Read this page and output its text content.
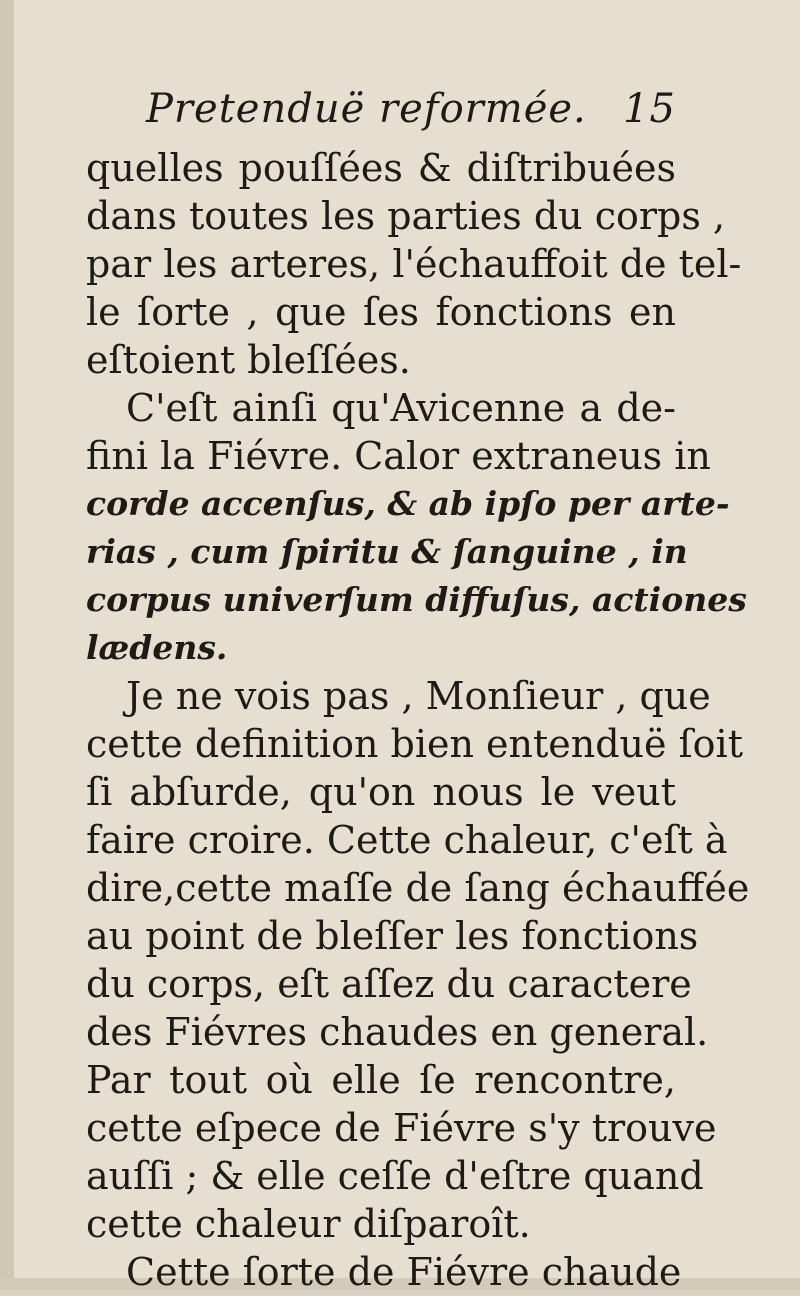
Pretenduë reformée. 15
quelles pouſſées & diſtribuées
dans toutes les parties du corps ,
par les arteres, l'échauffoit de tel-
le ſorte , que ſes fonctions en
eſtoient bleſſées.
C'eſt ainſi qu'Avicenne a de-
fini la Fiévre. Calor extraneus in
corde accenſus, & ab ipſo per arte-
rias , cum ſpiritu & ſanguine , in
corpus univerſum diffuſus, actiones
lædens.
Je ne vois pas , Monſieur , que
cette definition bien entenduë ſoit
ſi abſurde, qu'on nous le veut
faire croire. Cette chaleur, c'eſt à
dire,cette maſſe de ſang échauffée
au point de bleſſer les fonctions
du corps, eſt aſſez du caractere
des Fiévres chaudes en general.
Par tout où elle ſe rencontre,
cette eſpece de Fiévre s'y trouve
auſſi ; & elle ceſſe d'eſtre quand
cette chaleur diſparoît.
Cette ſorte de Fiévre chaude
